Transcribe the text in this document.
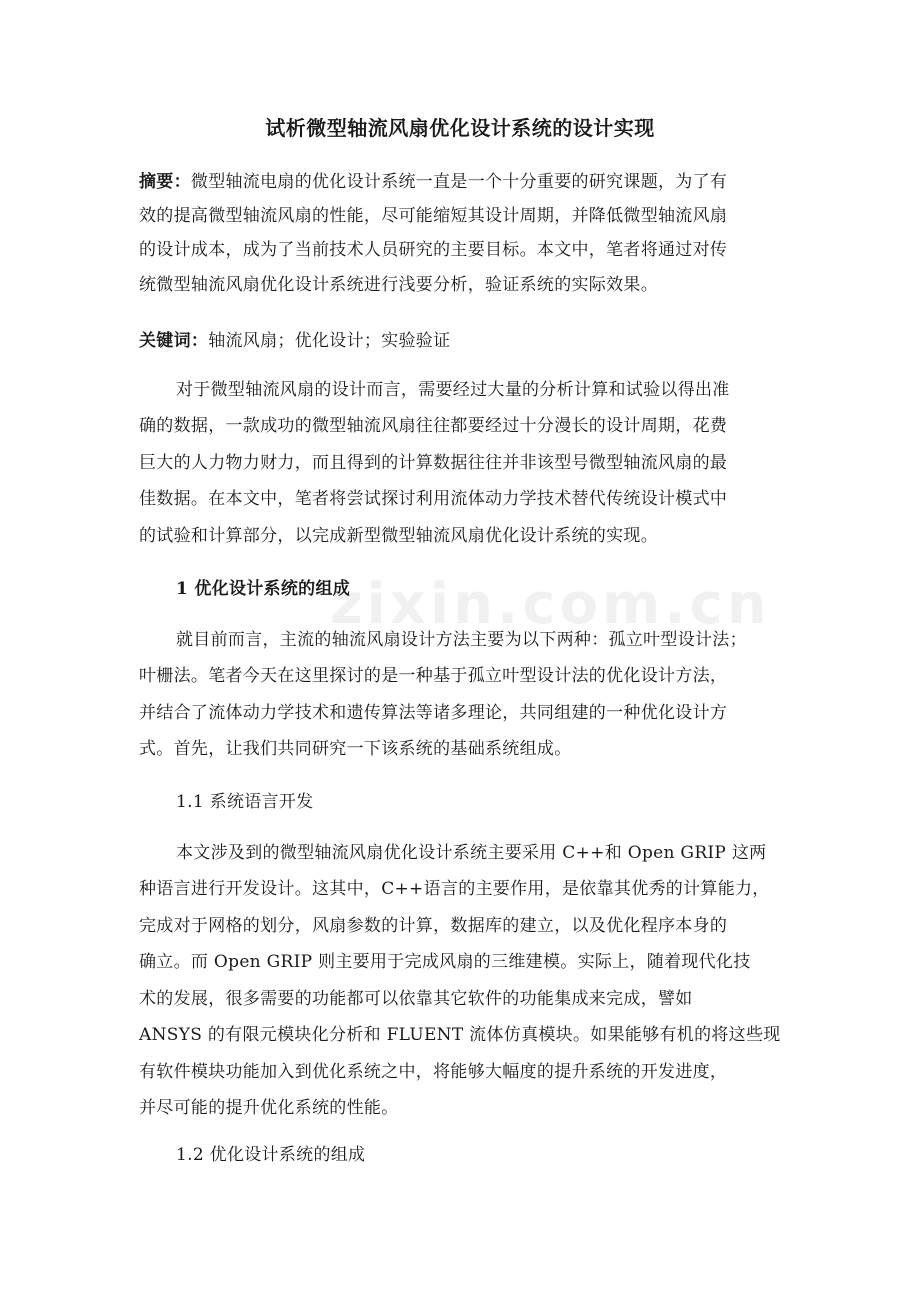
zixin.com.cn
试析微型轴流风扇优化设计系统的设计实现
摘要：微型轴流电扇的优化设计系统一直是一个十分重要的研究课题，为了有
效的提高微型轴流风扇的性能，尽可能缩短其设计周期，并降低微型轴流风扇
的设计成本，成为了当前技术人员研究的主要目标。本文中，笔者将通过对传
统微型轴流风扇优化设计系统进行浅要分析，验证系统的实际效果。
关键词：轴流风扇；优化设计；实验验证
对于微型轴流风扇的设计而言，需要经过大量的分析计算和试验以得出准
确的数据，一款成功的微型轴流风扇往往都要经过十分漫长的设计周期，花费
巨大的人力物力财力，而且得到的计算数据往往并非该型号微型轴流风扇的最
佳数据。在本文中，笔者将尝试探讨利用流体动力学技术替代传统设计模式中
的试验和计算部分，以完成新型微型轴流风扇优化设计系统的实现。
1 优化设计系统的组成
就目前而言，主流的轴流风扇设计方法主要为以下两种：孤立叶型设计法；
叶栅法。笔者今天在这里探讨的是一种基于孤立叶型设计法的优化设计方法，
并结合了流体动力学技术和遗传算法等诸多理论，共同组建的一种优化设计方
式。首先，让我们共同研究一下该系统的基础系统组成。
1.1 系统语言开发
本文涉及到的微型轴流风扇优化设计系统主要采用 C++和 Open GRIP 这两
种语言进行开发设计。这其中，C++语言的主要作用，是依靠其优秀的计算能力，
完成对于网格的划分，风扇参数的计算，数据库的建立，以及优化程序本身的
确立。而 Open GRIP 则主要用于完成风扇的三维建模。实际上，随着现代化技
术的发展，很多需要的功能都可以依靠其它软件的功能集成来完成，譬如
ANSYS 的有限元模块化分析和 FLUENT 流体仿真模块。如果能够有机的将这些现
有软件模块功能加入到优化系统之中，将能够大幅度的提升系统的开发进度，
并尽可能的提升优化系统的性能。
1.2 优化设计系统的组成
